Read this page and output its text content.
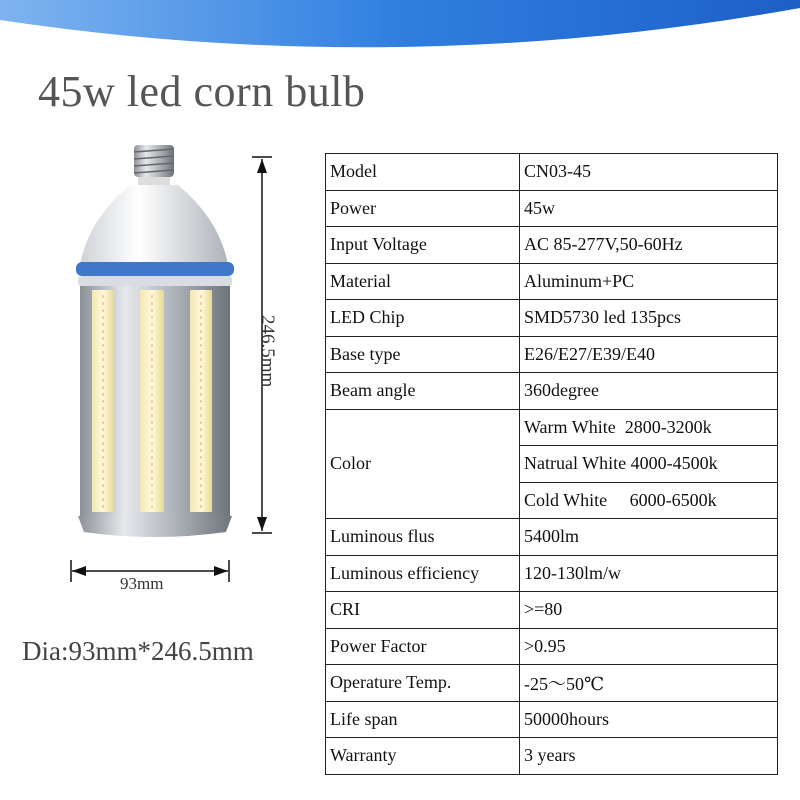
45w led corn bulb
246.5mm
93mm
Dia:93mm*246.5mm
Model	CN03-45
Power	45w
Input Voltage	AC 85-277V,50-60Hz
Material	Aluminum+PC
LED Chip	SMD5730 led 135pcs
Base type	E26/E27/E39/E40
Beam angle	360degree
Color	Warm White  2800-3200k
	Natrual White 4000-4500k
	Cold White     6000-6500k
Luminous flus	5400lm
Luminous efficiency	120-130lm/w
CRI	>=80
Power Factor	>0.95
Operature Temp.	-25～50℃
Life span	50000hours
Warranty	3 years
